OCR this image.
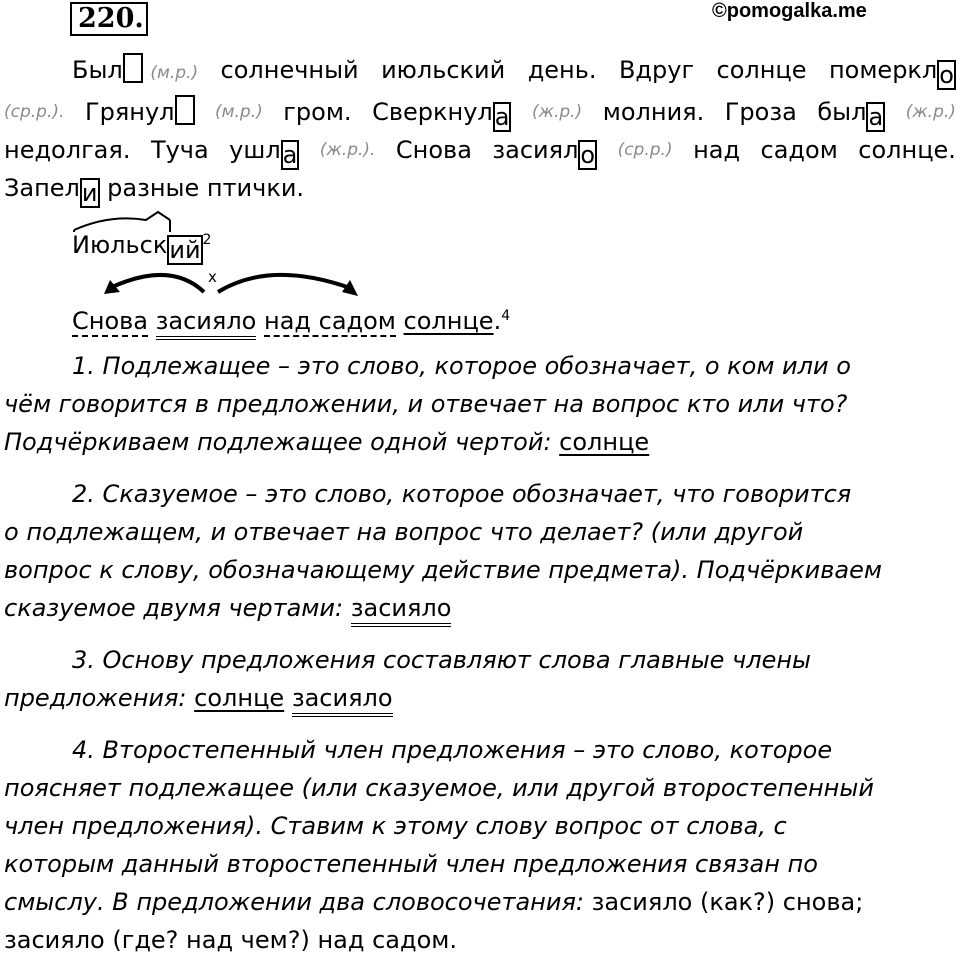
220.	©pomogalka.me
Был (м.р.) солнечный июльский день. Вдруг солнце померкло
(ср.р.). Грянул	(м.р.) гром. Сверкнула (ж.р.) молния. Гроза была (ж.р.)
недолгая. Туча ушла (ж.р.). Снова засияло (ср.р.) над садом солнце.
Запели разные птички.
Июльский $^2$
x
Снова засияло над садом солнце.$^4$
1. Подлежащее – это слово, которое обозначает, о ком или о
чём говорится в предложении, и отвечает на вопрос кто или что?
Подчёркиваем подлежащее одной чертой: солнце
2. Сказуемое – это слово, которое обозначает, что говорится
о подлежащем, и отвечает на вопрос что делает? (или другой
вопрос к слову, обозначающему действие предмета). Подчёркиваем
сказуемое двумя чертами: засияло
3. Основу предложения составляют слова главные члены
предложения: солнце засияло
4. Второстепенный член предложения – это слово, которое
поясняет подлежащее (или сказуемое, или другой второстепенный
член предложения). Ставим к этому слову вопрос от слова, с
которым данный второстепенный член предложения связан по
смыслу. В предложении два словосочетания: засияло (как?) снова;
засияло (где? над чем?) над садом.
